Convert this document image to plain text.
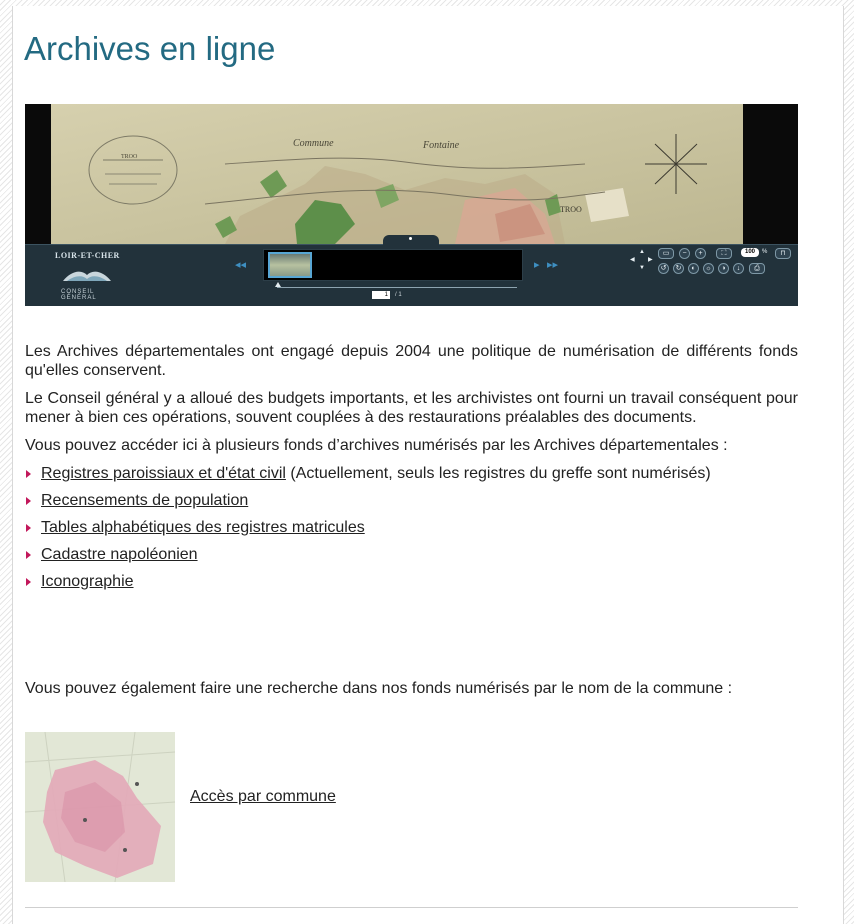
Archives en ligne
Commune	Fontaine
TROO
TROO
LOIR-ET-CHER
CONSEIL GÉNÉRAL
◂◂	▸ ▸▸
1	/ 1
▲
◀ ▶
▼
▭	−	+	⛶	100	%	⊓
↺	↻	◐	☼	◑	↓	⎙

Les Archives départementales ont engagé depuis 2004 une politique de numérisation de différents fonds qu'elles conservent.

Le Conseil général y a alloué des budgets importants, et les archivistes ont fourni un travail conséquent pour mener à bien ces opérations, souvent couplées à des restaurations préalables des documents.

Vous pouvez accéder ici à plusieurs fonds d’archives numérisés par les Archives départementales :

Registres paroissiaux et d'état civil (Actuellement, seuls les registres du greffe sont numérisés)
Recensements de population
Tables alphabétiques des registres matricules
Cadastre napoléonien
Iconographie

Vous pouvez également faire une recherche dans nos fonds numérisés par le nom de la commune :

Accès par commune
